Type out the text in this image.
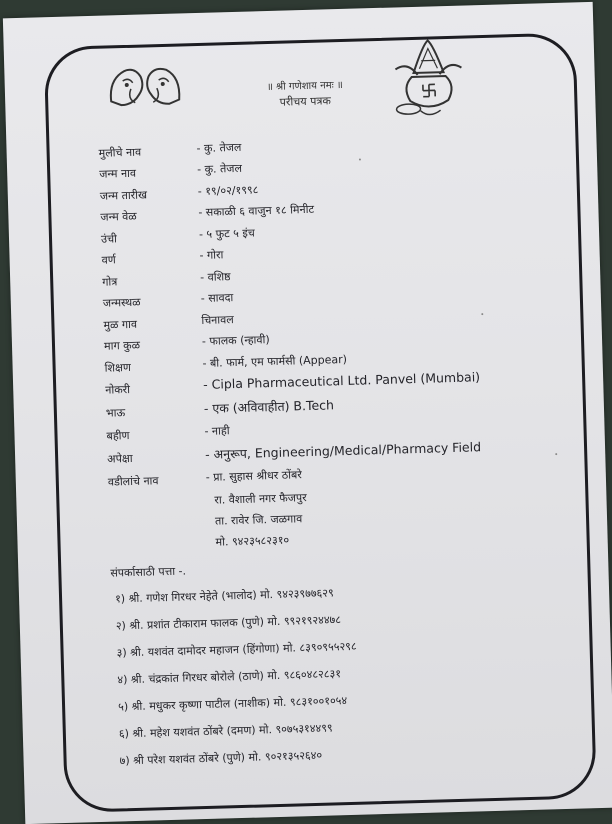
॥ श्री गणेशाय नमः ॥
परीचय पत्रक
मुलीचे नाव	- कु. तेजल
जन्म नाव	- कु. तेजल
जन्म तारीख	- १९/०२/१९९८
जन्म वेळ	- सकाळी ६ वाजुन १८ मिनीट
उंची	- ५ फुट ५ इंच
वर्ण	- गोरा
गोत्र	- वशिष्ठ
जन्मस्थळ	- सावदा
मुळ गाव	चिनावल
माग कुळ	- फालक (न्हावी)
शिक्षण	- बी. फार्म, एम फार्मसी (Appear)
नोकरी	- Cipla Pharmaceutical Ltd. Panvel (Mumbai)
भाऊ	- एक (अविवाहीत) B.Tech
बहीण	- नाही
अपेक्षा	- अनुरूप, Engineering/Medical/Pharmacy Field
वडीलांचे नाव	- प्रा. सुहास श्रीधर ठोंबरे
रा. वैशाली नगर फैजपुर
ता. रावेर जि. जळगाव
मो. ९४२३५८२३१०
संपर्कासाठी पत्ता -.
१) श्री. गणेश गिरधर नेहेते (भालोद) मो. ९४२३९७७६२९
२) श्री. प्रशांत टीकाराम फालक (पुणे) मो. ९९२१९२४४७८
३) श्री. यशवंत दामोदर महाजन (हिंगोणा) मो. ८३९०९५५२९८
४) श्री. चंद्रकांत गिरधर बोरोले (ठाणे) मो. ९८६०४८२८३१
५) श्री. मधुकर कृष्णा पाटील (नाशीक) मो. ९८३१००१०५४
६) श्री. महेश यशवंत ठोंबरे (दमण) मो. ९०७५३१४४९९
७) श्री परेश यशवंत ठोंबरे (पुणे) मो. ९०२१३५२६४०
